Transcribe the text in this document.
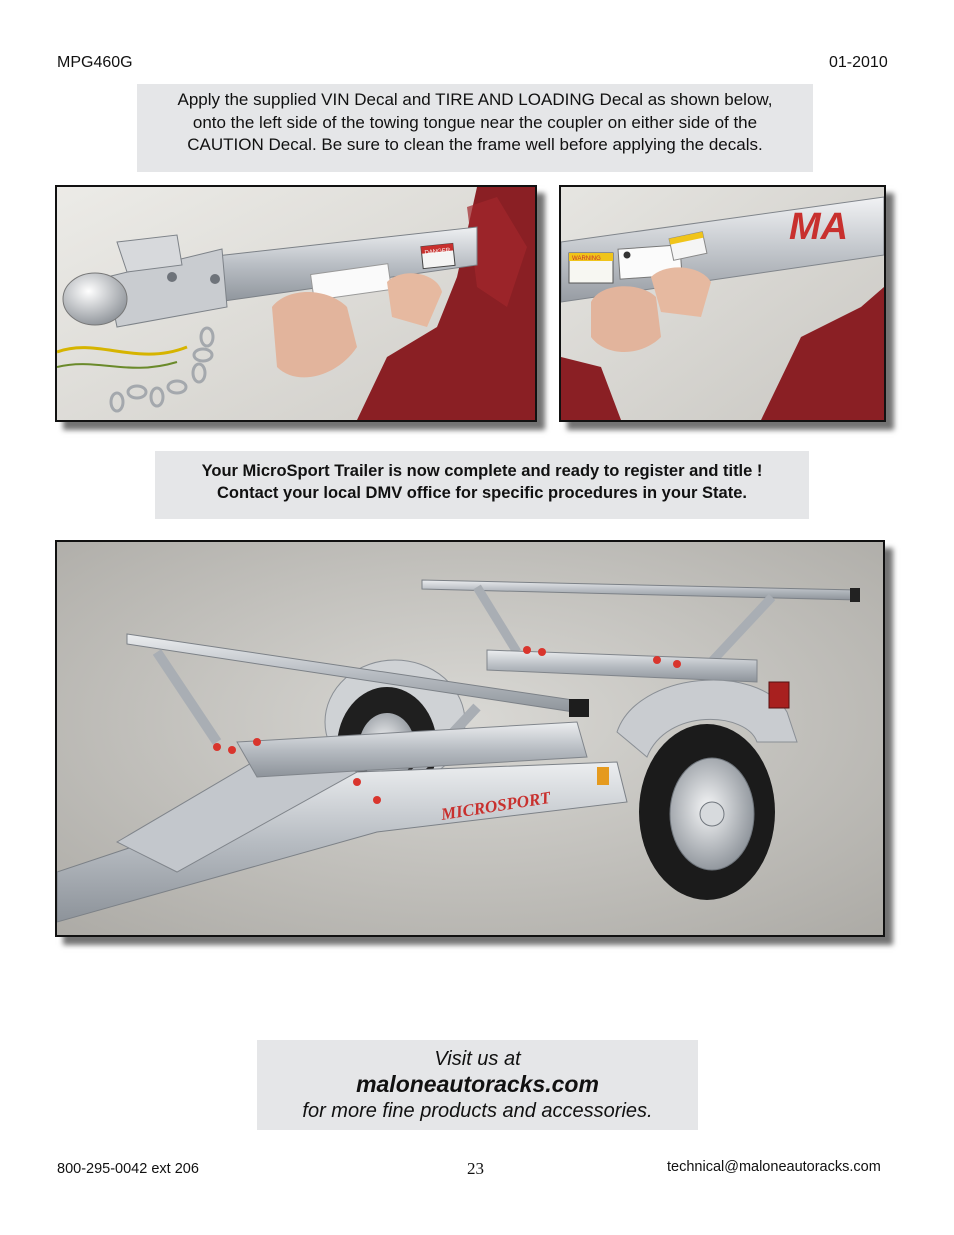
MPG460G	01-2010
Apply the supplied VIN Decal and TIRE AND LOADING Decal as shown below,
onto the left side of the towing tongue near the coupler on either side of the
CAUTION Decal. Be sure to clean the frame well before applying the decals.
DANGER
MA
WARNING
Your MicroSport Trailer is now complete and ready to register and title !
Contact your local DMV office for specific procedures in your State.
MICROSPORT
Visit us at
maloneautoracks.com
for more fine products and accessories.
800-295-0042 ext 206	23	technical@maloneautoracks.com
